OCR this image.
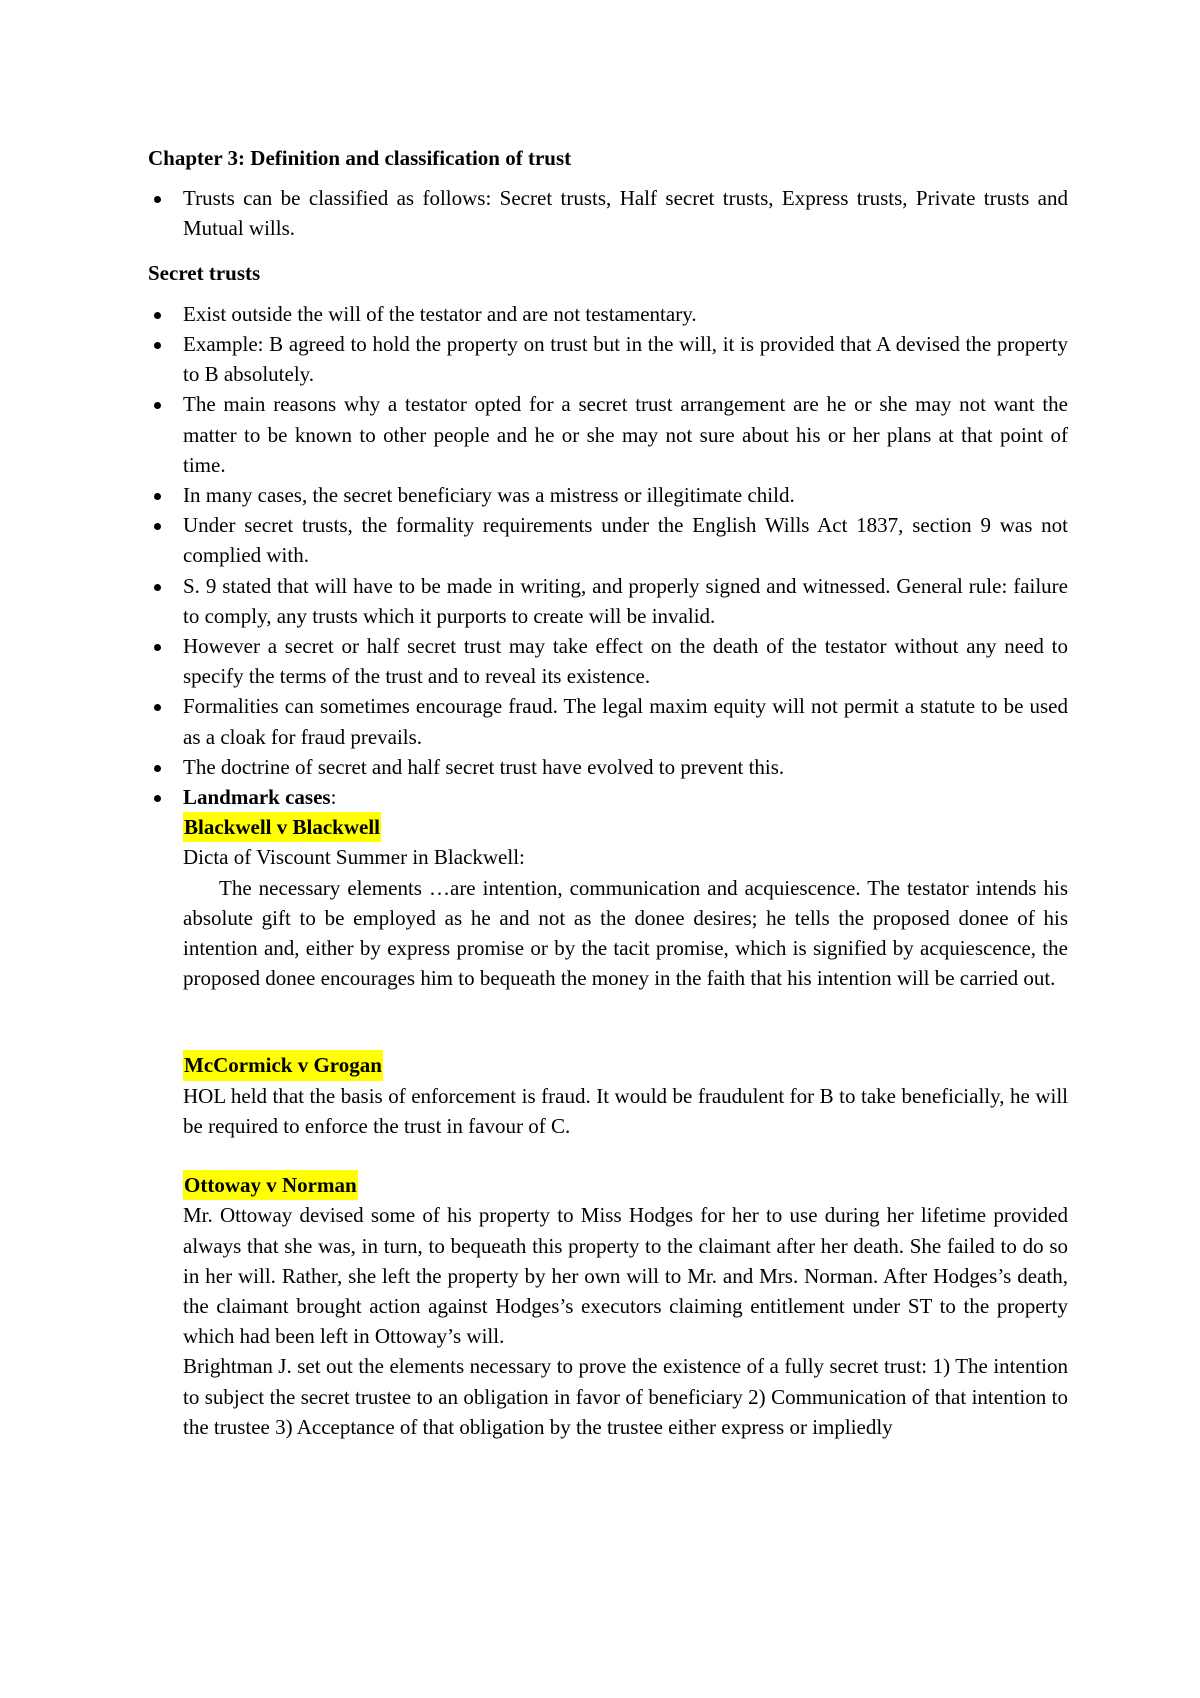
Chapter 3: Definition and classification of trust

Trusts can be classified as follows: Secret trusts, Half secret trusts, Express trusts, Private trusts and Mutual wills.

Secret trusts

Exist outside the will of the testator and are not testamentary.
Example: B agreed to hold the property on trust but in the will, it is provided that A devised the property to B absolutely.
The main reasons why a testator opted for a secret trust arrangement are he or she may not want the matter to be known to other people and he or she may not sure about his or her plans at that point of time.
In many cases, the secret beneficiary was a mistress or illegitimate child.
Under secret trusts, the formality requirements under the English Wills Act 1837, section 9 was not complied with.
S. 9 stated that will have to be made in writing, and properly signed and witnessed. General rule: failure to comply, any trusts which it purports to create will be invalid.
However a secret or half secret trust may take effect on the death of the testator without any need to specify the terms of the trust and to reveal its existence.
Formalities can sometimes encourage fraud. The legal maxim equity will not permit a statute to be used as a cloak for fraud prevails.
The doctrine of secret and half secret trust have evolved to prevent this.
Landmark cases:
Blackwell v Blackwell
Dicta of Viscount Summer in Blackwell:
The necessary elements …are intention, communication and acquiescence. The testator intends his absolute gift to be employed as he and not as the donee desires; he tells the proposed donee of his intention and, either by express promise or by the tacit promise, which is signified by acquiescence, the proposed donee encourages him to bequeath the money in the faith that his intention will be carried out.
McCormick v Grogan
HOL held that the basis of enforcement is fraud. It would be fraudulent for B to take beneficially, he will be required to enforce the trust in favour of C.
Ottoway v Norman
Mr. Ottoway devised some of his property to Miss Hodges for her to use during her lifetime provided always that she was, in turn, to bequeath this property to the claimant after her death. She failed to do so in her will. Rather, she left the property by her own will to Mr. and Mrs. Norman. After Hodges’s death, the claimant brought action against Hodges’s executors claiming entitlement under ST to the property which had been left in Ottoway’s will.
Brightman J. set out the elements necessary to prove the existence of a fully secret trust: 1) The intention to subject the secret trustee to an obligation in favor of beneficiary 2) Communication of that intention to the trustee 3) Acceptance of that obligation by the trustee either express or impliedly
